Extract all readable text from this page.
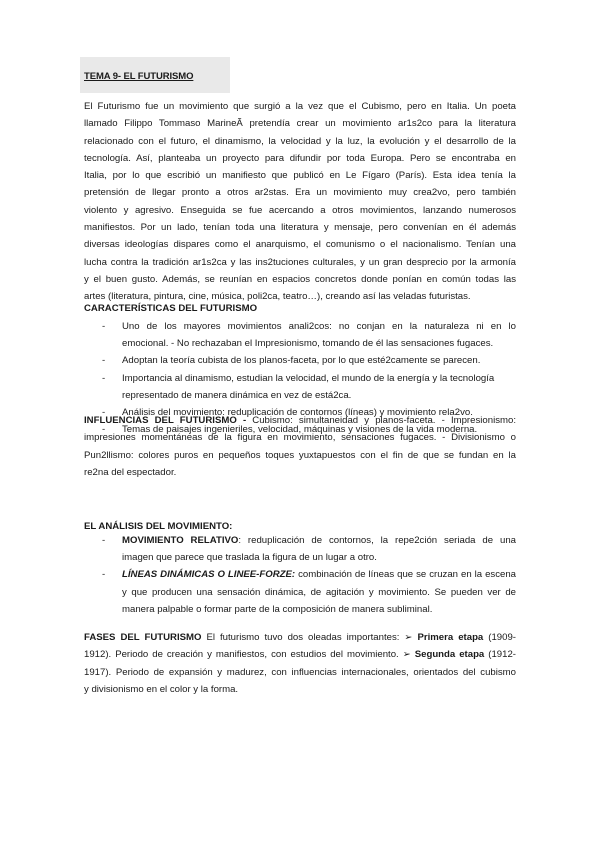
TEMA 9- EL FUTURISMO
El Futurismo fue un movimiento que surgió a la vez que el Cubismo, pero en Italia. Un poeta
llamado Filippo Tommaso MarineÃ pretendía crear un movimiento ar1s2co para la literatura
relacionado con el futuro, el dinamismo, la velocidad y la luz, la evolución y el desarrollo de la
tecnología. Así, planteaba un proyecto para difundir por toda Europa. Pero se encontraba en
Italia, por lo que escribió un manifiesto que publicó en Le Fígaro (París). Esta idea tenía la
pretensión de llegar pronto a otros ar2stas. Era un movimiento muy crea2vo, pero también
violento y agresivo. Enseguida se fue acercando a otros movimientos, lanzando numerosos
manifiestos. Por un lado, tenían toda una literatura y mensaje, pero convenían en él además
diversas ideologías dispares como el anarquismo, el comunismo o el nacionalismo. Tenían una
lucha contra la tradición ar1s2ca y las ins2tuciones culturales, y un gran desprecio por la armonía
y el buen gusto. Además, se reunían en espacios concretos donde ponían en común todas las
artes (literatura, pintura, cine, música, poli2ca, teatro…), creando así las veladas futuristas.
CARACTERÍSTICAS DEL FUTURISMO
- Uno de los mayores movimientos anali2cos: no conjan en la naturaleza ni en lo
emocional. - No rechazaban el Impresionismo, tomando de él las sensaciones fugaces.
- Adoptan la teoría cubista de los planos-faceta, por lo que esté2camente se parecen.
- Importancia al dinamismo, estudian la velocidad, el mundo de la energía y la tecnología
representado de manera dinámica en vez de está2ca.
- Análisis del movimiento: reduplicación de contornos (líneas) y movimiento rela2vo.
- Temas de paisajes ingenieriles, velocidad, máquinas y visiones de la vida moderna.
INFLUENCIAS DEL FUTURISMO - Cubismo: simultaneidad y planos-faceta. - Impresionismo:
impresiones momentáneas de la figura en movimiento, sensaciones fugaces. - Divisionismo o
Pun2llismo: colores puros en pequeños toques yuxtapuestos con el fin de que se fundan en la
re2na del espectador.
EL ANÁLISIS DEL MOVIMIENTO:
- MOVIMIENTO RELATIVO: reduplicación de contornos, la repe2ción seriada de una
imagen que parece que traslada la figura de un lugar a otro.
- LÍNEAS DINÁMICAS O LINEE-FORZE: combinación de líneas que se cruzan en la escena
y que producen una sensación dinámica, de agitación y movimiento. Se pueden ver de
manera palpable o formar parte de la composición de manera subliminal.
FASES DEL FUTURISMO El futurismo tuvo dos oleadas importantes: ➢ Primera etapa (1909-
1912). Periodo de creación y manifiestos, con estudios del movimiento. ➢ Segunda etapa (1912-
1917). Periodo de expansión y madurez, con influencias internacionales, orientados del cubismo
y divisionismo en el color y la forma.
